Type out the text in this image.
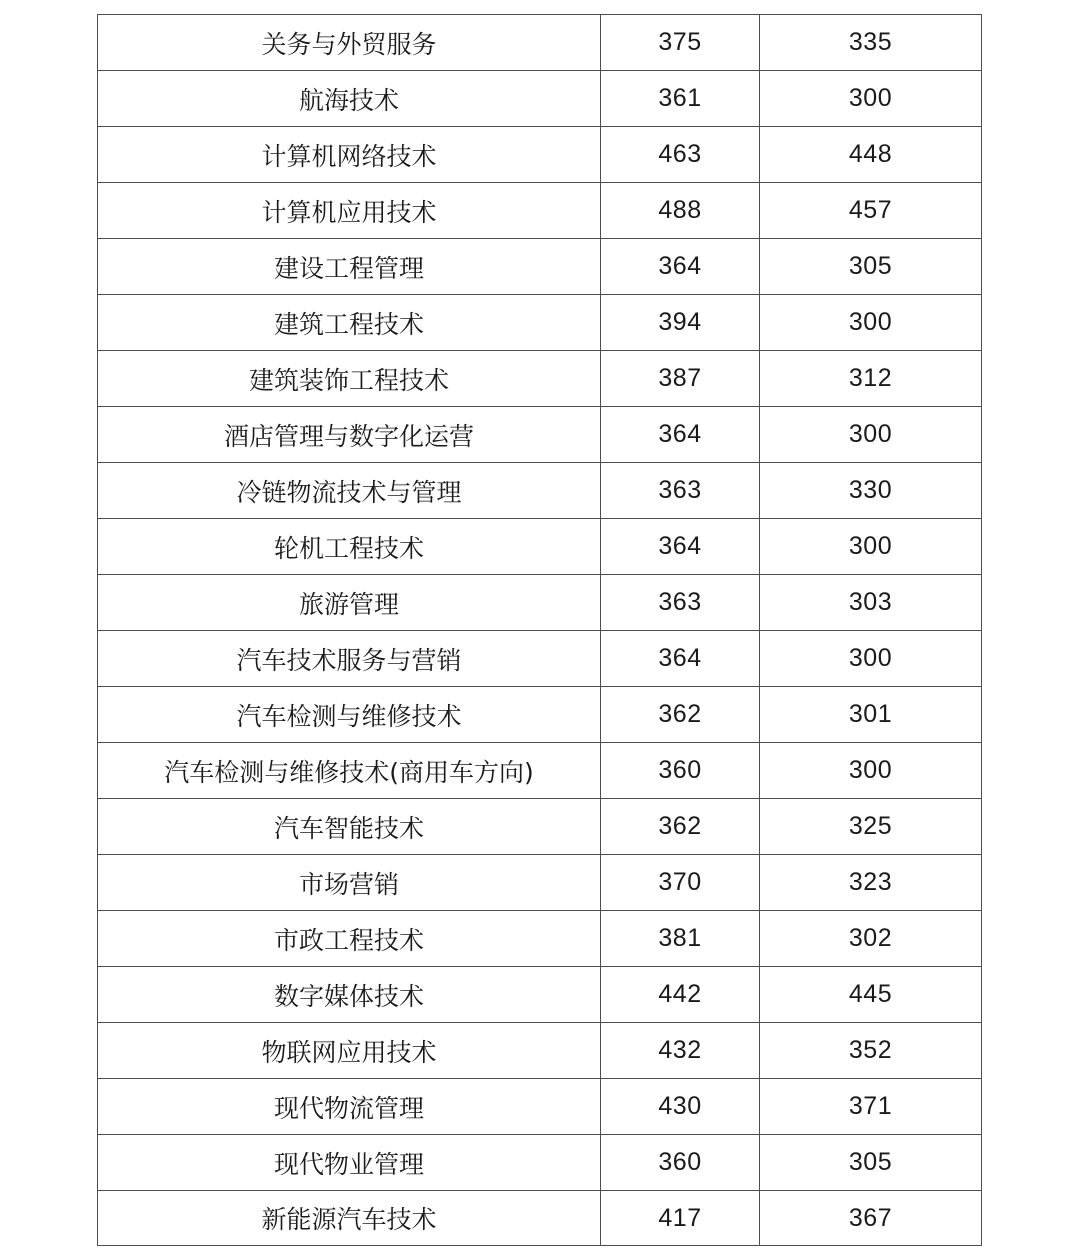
关务与外贸服务	375	335
航海技术	361	300
计算机网络技术	463	448
计算机应用技术	488	457
建设工程管理	364	305
建筑工程技术	394	300
建筑装饰工程技术	387	312
酒店管理与数字化运营	364	300
冷链物流技术与管理	363	330
轮机工程技术	364	300
旅游管理	363	303
汽车技术服务与营销	364	300
汽车检测与维修技术	362	301
汽车检测与维修技术(商用车方向)	360	300
汽车智能技术	362	325
市场营销	370	323
市政工程技术	381	302
数字媒体技术	442	445
物联网应用技术	432	352
现代物流管理	430	371
现代物业管理	360	305
新能源汽车技术	417	367
